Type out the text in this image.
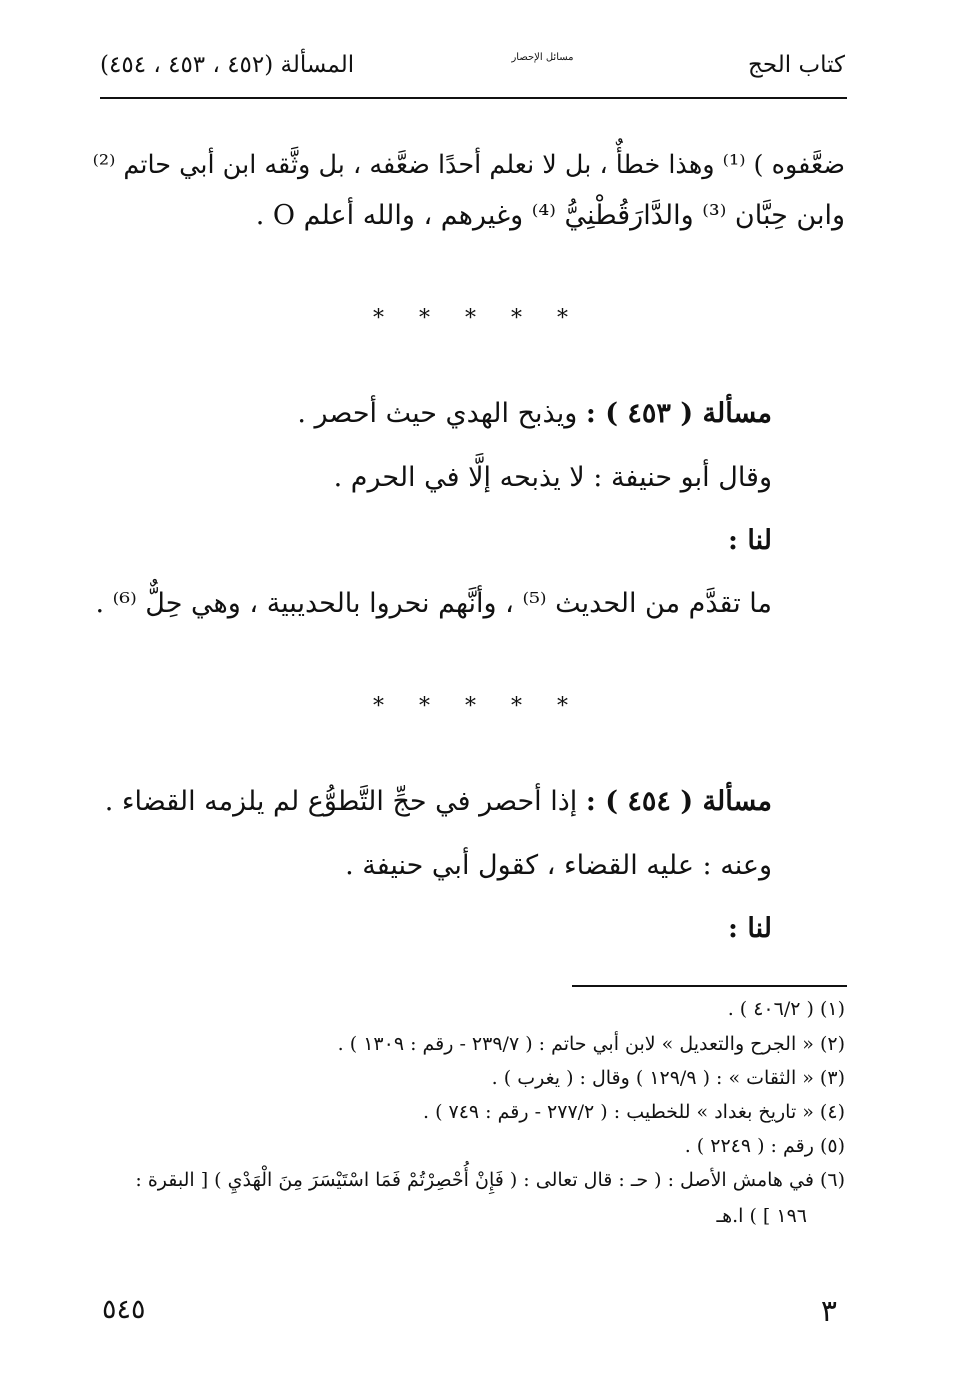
كتاب الحج
مسائل الإحصار
المسألة (٤٥٢ ، ٤٥٣ ، ٤٥٤)
ضعَّفوه ) ⁽¹⁾ وهذا خطأٌ ، بل لا نعلم أحدًا ضعَّفه ، بل وثَّقه ابن أبي حاتم ⁽²⁾
وابن حِبَّان ⁽³⁾ والدَّارَقُطْنِيُّ ⁽⁴⁾ وغيرهم ، والله أعلم O .
* * * * *
مسألة ( ٤٥٣ ) : ويذبح الهدي حيث أحصر .
وقال أبو حنيفة : لا يذبحه إلَّا في الحرم .
لنا :
ما تقدَّم من الحديث ⁽⁵⁾ ، وأنَّهم نحروا بالحديبية ، وهي حِلٌّ ⁽⁶⁾ .
* * * * *
مسألة ( ٤٥٤ ) : إذا أحصر في حجِّ التَّطوُّع لم يلزمه القضاء .
وعنه : عليه القضاء ، كقول أبي حنيفة .
لنا :
(١) ( ٤٠٦/٢ ) .
(٢) « الجرح والتعديل » لابن أبي حاتم : ( ٢٣٩/٧ - رقم : ١٣٠٩ ) .
(٣) « الثقات » : ( ١٢٩/٩ ) وقال : ( يغرب ) .
(٤) « تاريخ بغداد » للخطيب : ( ٢٧٧/٢ - رقم : ٧٤٩ ) .
(٥) رقم : ( ٢٢٤٩ ) .
(٦) في هامش الأصل : ( حـ : قال تعالى : ( فَإِنْ أُحْصِرْتُمْ فَمَا اسْتَيْسَرَ مِنَ الْهَدْيِ ) [ البقرة :
١٩٦ ] ) ا.هـ
٥٤٥	٣
